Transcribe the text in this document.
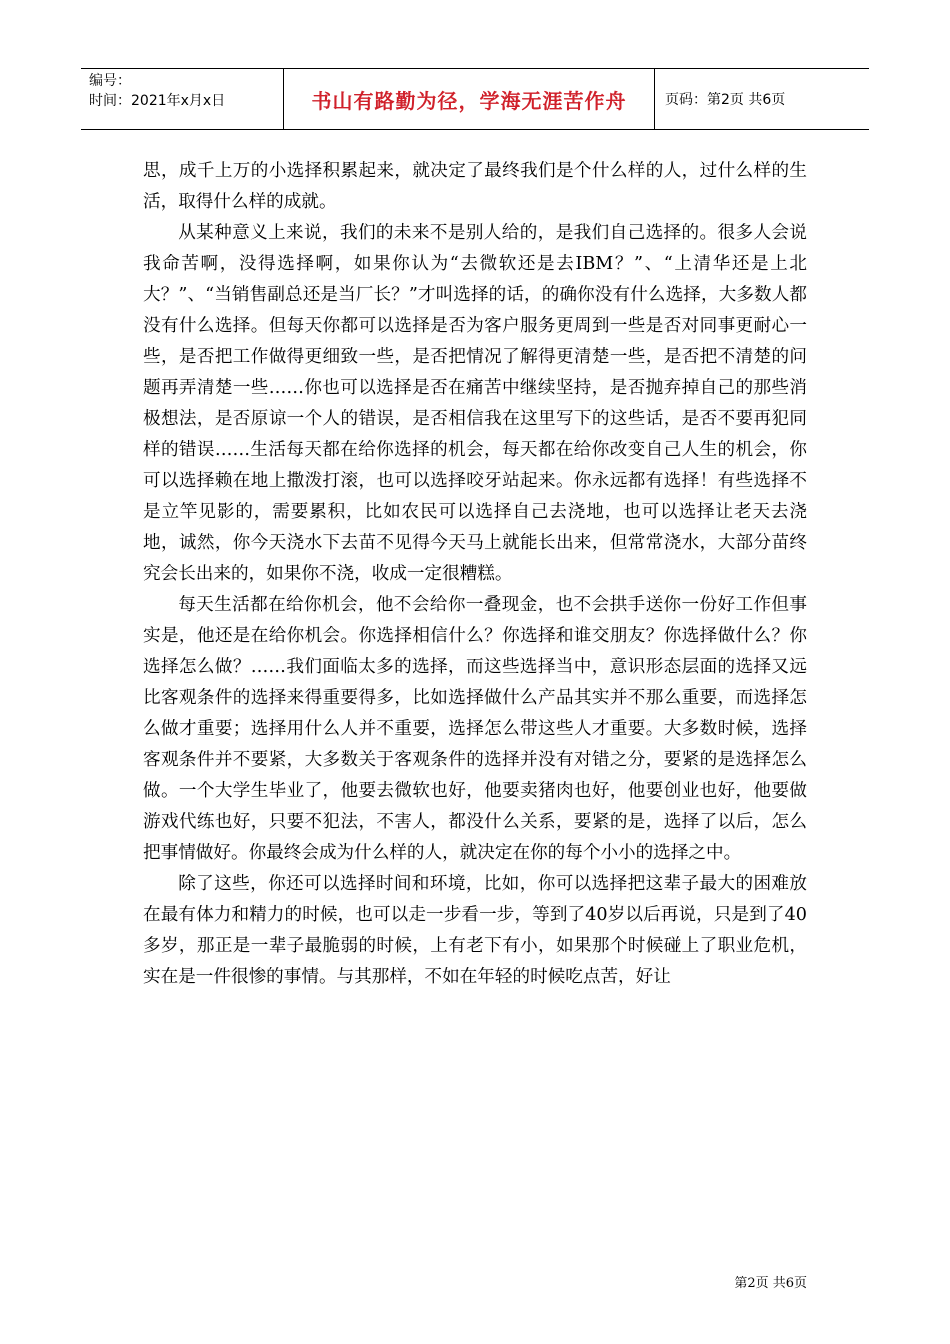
编号：
时间：2021年x月x日	书山有路勤为径，学海无涯苦作舟	页码：第2页 共6页

思，成千上万的小选择积累起来，就决定了最终我们是个什么样的人，过什么样的生活，取得什么样的成就。

从某种意义上来说，我们的未来不是别人给的，是我们自己选择的。很多人会说我命苦啊，没得选择啊，如果你认为“去微软还是去IBM？”、“上清华还是上北大？”、“当销售副总还是当厂长？”才叫选择的话，的确你没有什么选择，大多数人都没有什么选择。但每天你都可以选择是否为客户服务更周到一些是否对同事更耐心一些，是否把工作做得更细致一些，是否把情况了解得更清楚一些，是否把不清楚的问题再弄清楚一些……你也可以选择是否在痛苦中继续坚持，是否抛弃掉自己的那些消极想法，是否原谅一个人的错误，是否相信我在这里写下的这些话，是否不要再犯同样的错误……生活每天都在给你选择的机会，每天都在给你改变自己人生的机会，你可以选择赖在地上撒泼打滚，也可以选择咬牙站起来。你永远都有选择！有些选择不是立竿见影的，需要累积，比如农民可以选择自己去浇地，也可以选择让老天去浇地，诚然，你今天浇水下去苗不见得今天马上就能长出来，但常常浇水，大部分苗终究会长出来的，如果你不浇，收成一定很糟糕。

每天生活都在给你机会，他不会给你一叠现金，也不会拱手送你一份好工作但事实是，他还是在给你机会。你选择相信什么？你选择和谁交朋友？你选择做什么？你选择怎么做？……我们面临太多的选择，而这些选择当中，意识形态层面的选择又远比客观条件的选择来得重要得多，比如选择做什么产品其实并不那么重要，而选择怎么做才重要；选择用什么人并不重要，选择怎么带这些人才重要。大多数时候，选择客观条件并不要紧，大多数关于客观条件的选择并没有对错之分，要紧的是选择怎么做。一个大学生毕业了，他要去微软也好，他要卖猪肉也好，他要创业也好，他要做游戏代练也好，只要不犯法，不害人，都没什么关系，要紧的是，选择了以后，怎么把事情做好。你最终会成为什么样的人，就决定在你的每个小小的选择之中。

除了这些，你还可以选择时间和环境，比如，你可以选择把这辈子最大的困难放在最有体力和精力的时候，也可以走一步看一步，等到了40岁以后再说，只是到了40多岁，那正是一辈子最脆弱的时候，上有老下有小，如果那个时候碰上了职业危机，实在是一件很惨的事情。与其那样，不如在年轻的时候吃点苦，好让

第2页 共6页
